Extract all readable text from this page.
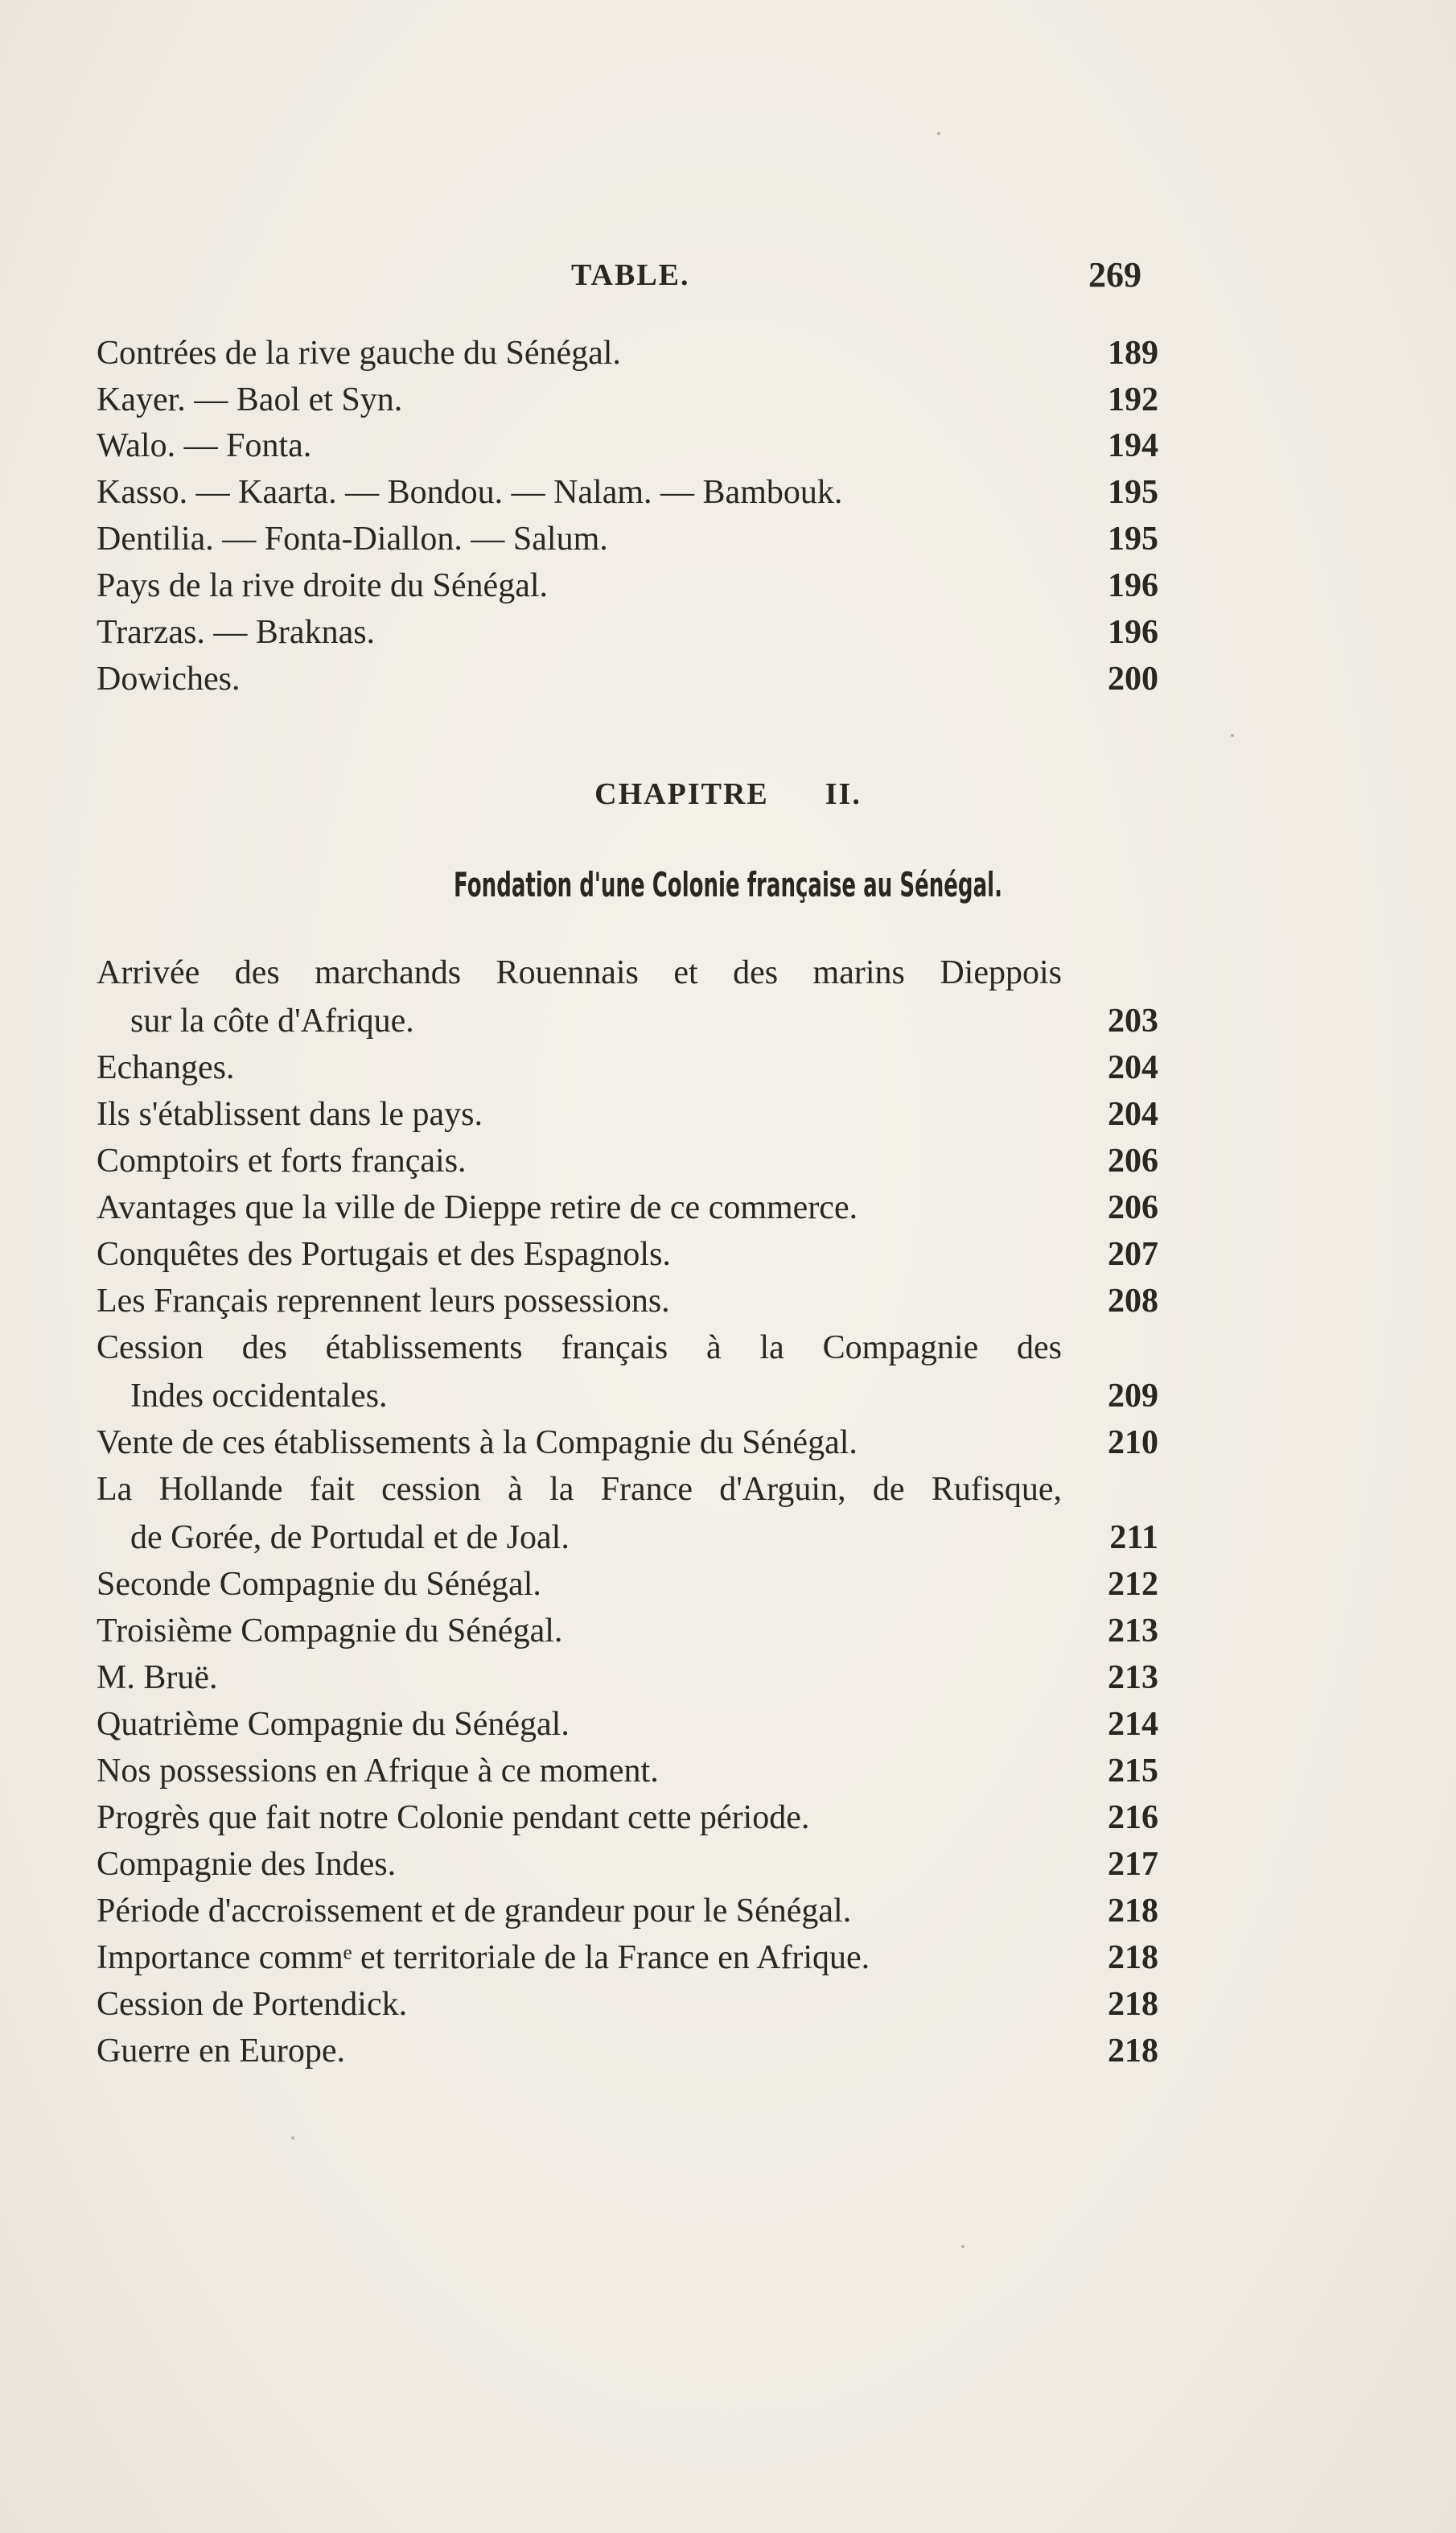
TABLE.	269
Contrées de la rive gauche du Sénégal.	189
Kayer. — Baol et Syn.	192
Walo. — Fonta.	194
Kasso. — Kaarta. — Bondou. — Nalam. — Bambouk.	195
Dentilia. — Fonta-Diallon. — Salum.	195
Pays de la rive droite du Sénégal.	196
Trarzas. — Braknas.	196
Dowiches.	200
CHAPITRE II.
Fondation d'une Colonie française au Sénégal.
Arrivée des marchands Rouennais et des marins Dieppois
sur la côte d'Afrique.	203
Echanges.	204
Ils s'établissent dans le pays.	204
Comptoirs et forts français.	206
Avantages que la ville de Dieppe retire de ce commerce.	206
Conquêtes des Portugais et des Espagnols.	207
Les Français reprennent leurs possessions.	208
Cession des établissements français à la Compagnie des
Indes occidentales.	209
Vente de ces établissements à la Compagnie du Sénégal.	210
La Hollande fait cession à la France d'Arguin, de Rufisque,
de Gorée, de Portudal et de Joal.	211
Seconde Compagnie du Sénégal.	212
Troisième Compagnie du Sénégal.	213
M. Bruë.	213
Quatrième Compagnie du Sénégal.	214
Nos possessions en Afrique à ce moment.	215
Progrès que fait notre Colonie pendant cette période.	216
Compagnie des Indes.	217
Période d'accroissement et de grandeur pour le Sénégal.	218
Importance commᵉ et territoriale de la France en Afrique.	218
Cession de Portendick.	218
Guerre en Europe.	218
